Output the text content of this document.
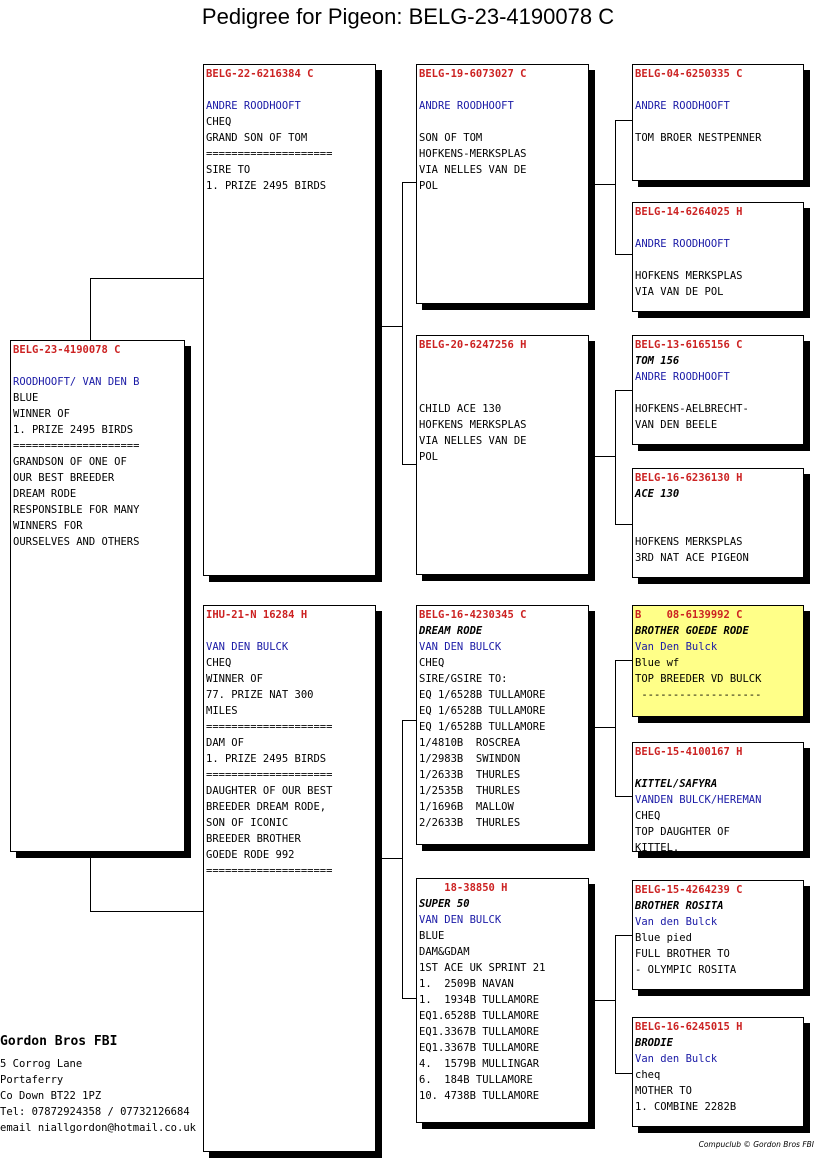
Pedigree for Pigeon: BELG-23-4190078 C
BELG-23-4190078 C
ROODHOOFT/ VAN DEN B
BLUE
WINNER OF
1. PRIZE 2495 BIRDS
====================
GRANDSON OF ONE OF
OUR BEST BREEDER
DREAM RODE
RESPONSIBLE FOR MANY
WINNERS FOR
OURSELVES AND OTHERS
BELG-22-6216384 C
ANDRE ROODHOOFT
CHEQ
GRAND SON OF TOM
====================
SIRE TO
1. PRIZE 2495 BIRDS
IHU-21-N 16284 H
VAN DEN BULCK
CHEQ
WINNER OF
77. PRIZE NAT 300
MILES
====================
DAM OF
1. PRIZE 2495 BIRDS
====================
DAUGHTER OF OUR BEST
BREEDER DREAM RODE,
SON OF ICONIC
BREEDER BROTHER
GOEDE RODE 992
====================
BELG-19-6073027 C
ANDRE ROODHOOFT
SON OF TOM
HOFKENS-MERKSPLAS
VIA NELLES VAN DE
POL
BELG-20-6247256 H
CHILD ACE 130
HOFKENS MERKSPLAS
VIA NELLES VAN DE
POL
BELG-16-4230345 C
DREAM RODE
VAN DEN BULCK
CHEQ
SIRE/GSIRE TO:
EQ 1/6528B TULLAMORE
EQ 1/6528B TULLAMORE
EQ 1/6528B TULLAMORE
1/4810B  ROSCREA
1/2983B  SWINDON
1/2633B  THURLES
1/2535B  THURLES
1/1696B  MALLOW
2/2633B  THURLES
18-38850 H
SUPER 50
VAN DEN BULCK
BLUE
DAM&GDAM
1ST ACE UK SPRINT 21
1.  2509B NAVAN
1.  1934B TULLAMORE
EQ1.6528B TULLAMORE
EQ1.3367B TULLAMORE
EQ1.3367B TULLAMORE
4.  1579B MULLINGAR
6.  184B TULLAMORE
10. 4738B TULLAMORE
BELG-04-6250335 C
ANDRE ROODHOOFT
TOM BROER NESTPENNER
BELG-14-6264025 H
ANDRE ROODHOOFT
HOFKENS MERKSPLAS
VIA VAN DE POL
BELG-13-6165156 C
TOM 156
ANDRE ROODHOOFT
HOFKENS-AELBRECHT-
VAN DEN BEELE
BELG-16-6236130 H
ACE 130
HOFKENS MERKSPLAS
3RD NAT ACE PIGEON
B    08-6139992 C
BROTHER GOEDE RODE
Van Den Bulck
Blue wf
TOP BREEDER VD BULCK
-------------------
BELG-15-4100167 H
KITTEL/SAFYRA
VANDEN BULCK/HEREMAN
CHEQ
TOP DAUGHTER OF
KITTEL.
BELG-15-4264239 C
BROTHER ROSITA
Van den Bulck
Blue pied
FULL BROTHER TO
- OLYMPIC ROSITA
BELG-16-6245015 H
BRODIE
Van den Bulck
cheq
MOTHER TO
1. COMBINE 2282B
Gordon Bros FBI
5 Corrog Lane
Portaferry
Co Down BT22 1PZ
Tel: 07872924358 / 07732126684
email niallgordon@hotmail.co.uk
Compuclub © Gordon Bros FBI
